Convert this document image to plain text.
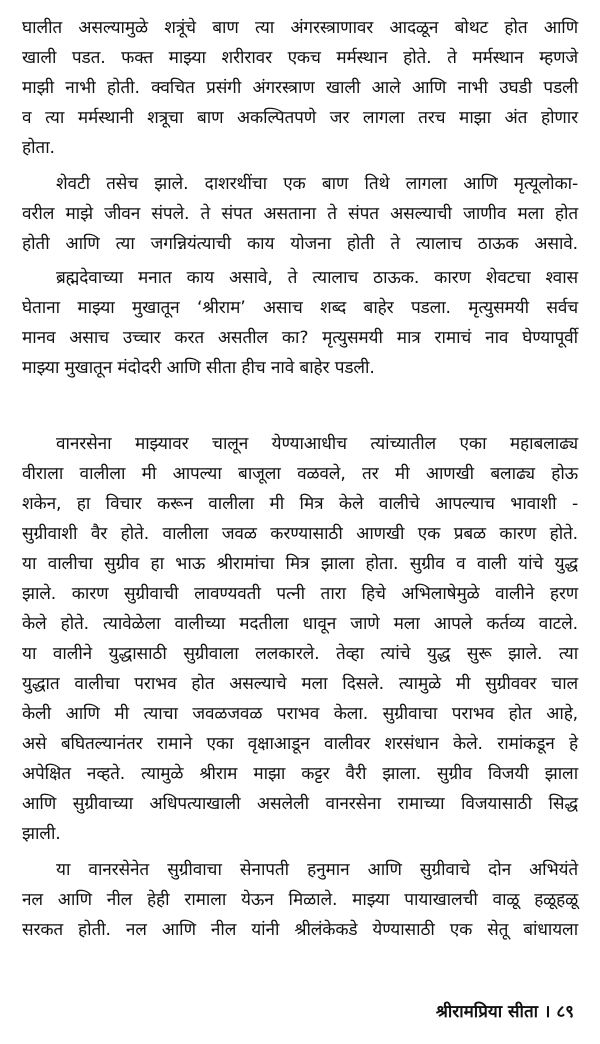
घालीत असल्यामुळे शत्रूंचे बाण त्या अंगरस्त्राणावर आदळून बोथट होत आणि
खाली पडत. फक्त माझ्या शरीरावर एकच मर्मस्थान होते. ते मर्मस्थान म्हणजे
माझी नाभी होती. क्वचित प्रसंगी अंगरस्त्राण खाली आले आणि नाभी उघडी पडली
व त्या मर्मस्थानी शत्रूचा बाण अकल्पितपणे जर लागला तरच माझा अंत होणार
होता.
शेवटी तसेच झाले. दाशरथींचा एक बाण तिथे लागला आणि मृत्यूलोका-
वरील माझे जीवन संपले. ते संपत असताना ते संपत असल्याची जाणीव मला होत
होती आणि त्या जगन्नियंत्याची काय योजना होती ते त्यालाच ठाऊक असावे.
ब्रह्मदेवाच्या मनात काय असावे, ते त्यालाच ठाऊक. कारण शेवटचा श्वास
घेताना माझ्या मुखातून ‘श्रीराम’ असाच शब्द बाहेर पडला. मृत्युसमयी सर्वच
मानव असाच उच्चार करत असतील का? मृत्युसमयी मात्र रामाचं नाव घेण्यापूर्वी
माझ्या मुखातून मंदोदरी आणि सीता हीच नावे बाहेर पडली.
वानरसेना माझ्यावर चालून येण्याआधीच त्यांच्यातील एका महाबलाढ्य
वीराला वालीला मी आपल्या बाजूला वळवले, तर मी आणखी बलाढ्य होऊ
शकेन, हा विचार करून वालीला मी मित्र केले वालीचे आपल्याच भावाशी -
सुग्रीवाशी वैर होते. वालीला जवळ करण्यासाठी आणखी एक प्रबळ कारण होते.
या वालीचा सुग्रीव हा भाऊ श्रीरामांचा मित्र झाला होता. सुग्रीव व वाली यांचे युद्ध
झाले. कारण सुग्रीवाची लावण्यवती पत्नी तारा हिचे अभिलाषेमुळे वालीने हरण
केले होते. त्यावेळेला वालीच्या मदतीला धावून जाणे मला आपले कर्तव्य वाटले.
या वालीने युद्धासाठी सुग्रीवाला ललकारले. तेव्हा त्यांचे युद्ध सुरू झाले. त्या
युद्धात वालीचा पराभव होत असल्याचे मला दिसले. त्यामुळे मी सुग्रीववर चाल
केली आणि मी त्याचा जवळजवळ पराभव केला. सुग्रीवाचा पराभव होत आहे,
असे बघितल्यानंतर रामाने एका वृक्षाआडून वालीवर शरसंधान केले. रामांकडून हे
अपेक्षित नव्हते. त्यामुळे श्रीराम माझा कट्टर वैरी झाला. सुग्रीव विजयी झाला
आणि सुग्रीवाच्या अधिपत्याखाली असलेली वानरसेना रामाच्या विजयासाठी सिद्ध
झाली.
या वानरसेनेत सुग्रीवाचा सेनापती हनुमान आणि सुग्रीवाचे दोन अभियंते
नल आणि नील हेही रामाला येऊन मिळाले. माझ्या पायाखालची वाळू हळूहळू
सरकत होती. नल आणि नील यांनी श्रीलंकेकडे येण्यासाठी एक सेतू बांधायला
श्रीरामप्रिया सीता । ८९
